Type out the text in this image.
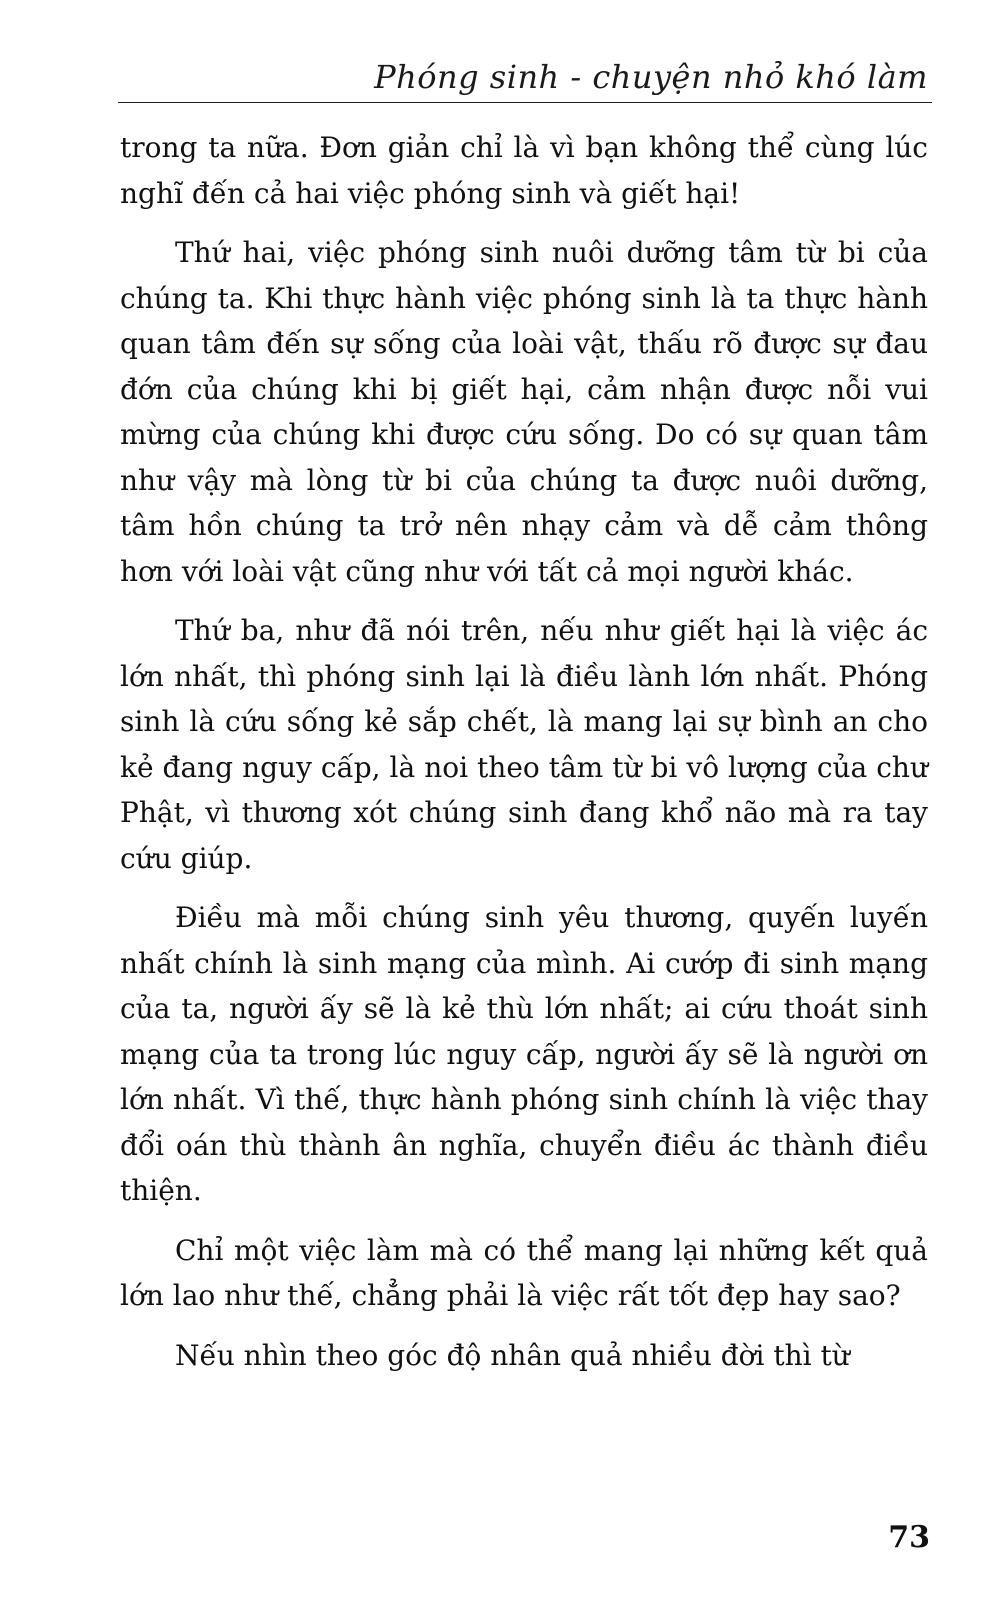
Phóng sinh - chuyện nhỏ khó làm

trong ta nữa. Đơn giản chỉ là vì bạn không thể cùng lúc nghĩ đến cả hai việc phóng sinh và giết hại!

Thứ hai, việc phóng sinh nuôi dưỡng tâm từ bi của chúng ta. Khi thực hành việc phóng sinh là ta thực hành quan tâm đến sự sống của loài vật, thấu rõ được sự đau đớn của chúng khi bị giết hại, cảm nhận được nỗi vui mừng của chúng khi được cứu sống. Do có sự quan tâm như vậy mà lòng từ bi của chúng ta được nuôi dưỡng, tâm hồn chúng ta trở nên nhạy cảm và dễ cảm thông hơn với loài vật cũng như với tất cả mọi người khác.

Thứ ba, như đã nói trên, nếu như giết hại là việc ác lớn nhất, thì phóng sinh lại là điều lành lớn nhất. Phóng sinh là cứu sống kẻ sắp chết, là mang lại sự bình an cho kẻ đang nguy cấp, là noi theo tâm từ bi vô lượng của chư Phật, vì thương xót chúng sinh đang khổ não mà ra tay cứu giúp.

Điều mà mỗi chúng sinh yêu thương, quyến luyến nhất chính là sinh mạng của mình. Ai cướp đi sinh mạng của ta, người ấy sẽ là kẻ thù lớn nhất; ai cứu thoát sinh mạng của ta trong lúc nguy cấp, người ấy sẽ là người ơn lớn nhất. Vì thế, thực hành phóng sinh chính là việc thay đổi oán thù thành ân nghĩa, chuyển điều ác thành điều thiện.

Chỉ một việc làm mà có thể mang lại những kết quả lớn lao như thế, chẳng phải là việc rất tốt đẹp hay sao?

Nếu nhìn theo góc độ nhân quả nhiều đời thì từ

73
